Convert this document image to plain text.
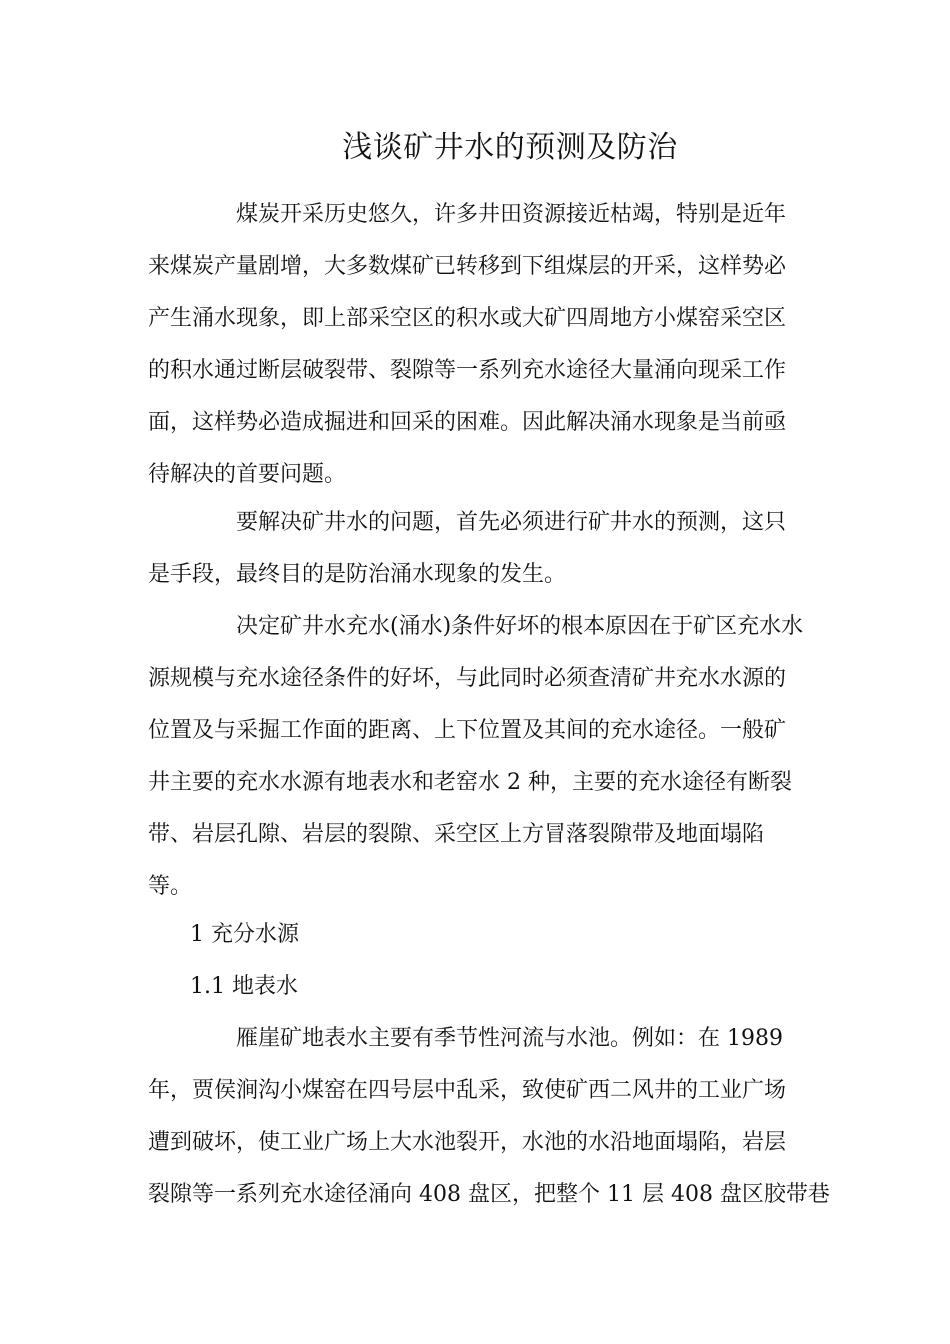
浅谈矿井水的预测及防治
煤炭开采历史悠久，许多井田资源接近枯竭，特别是近年
来煤炭产量剧增，大多数煤矿已转移到下组煤层的开采，这样势必
产生涌水现象，即上部采空区的积水或大矿四周地方小煤窑采空区
的积水通过断层破裂带、裂隙等一系列充水途径大量涌向现采工作
面，这样势必造成掘进和回采的困难。因此解决涌水现象是当前亟
待解决的首要问题。
要解决矿井水的问题，首先必须进行矿井水的预测，这只
是手段，最终目的是防治涌水现象的发生。
决定矿井水充水(涌水)条件好坏的根本原因在于矿区充水水
源规模与充水途径条件的好坏，与此同时必须查清矿井充水水源的
位置及与采掘工作面的距离、上下位置及其间的充水途径。一般矿
井主要的充水水源有地表水和老窑水 2 种，主要的充水途径有断裂
带、岩层孔隙、岩层的裂隙、采空区上方冒落裂隙带及地面塌陷
等。
1 充分水源
1.1 地表水
雁崖矿地表水主要有季节性河流与水池。例如：在 1989
年，贾侯涧沟小煤窑在四号层中乱采，致使矿西二风井的工业广场
遭到破坏，使工业广场上大水池裂开，水池的水沿地面塌陷，岩层
裂隙等一系列充水途径涌向 408 盘区，把整个 11 层 408 盘区胶带巷
